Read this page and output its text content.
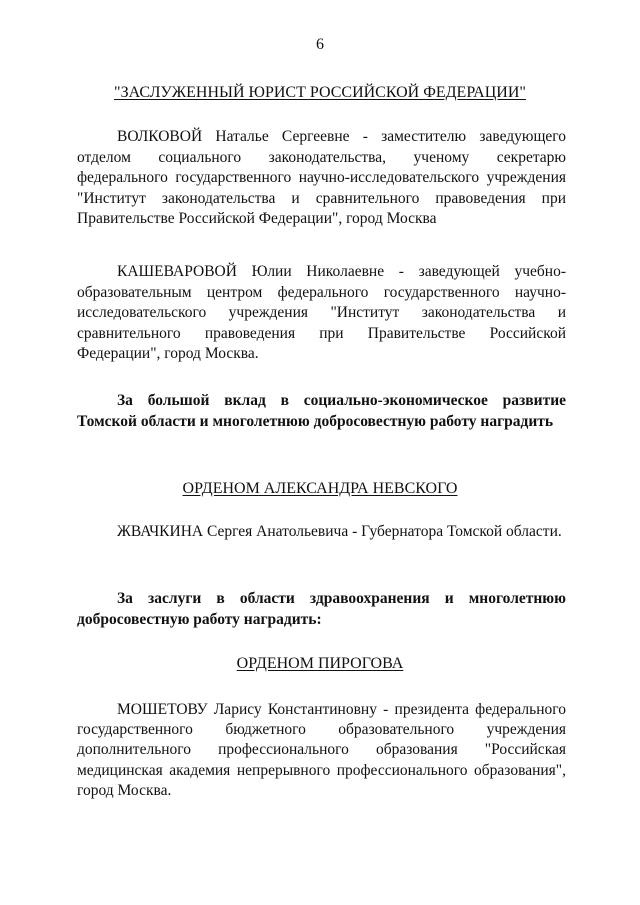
6
"ЗАСЛУЖЕННЫЙ ЮРИСТ РОССИЙСКОЙ ФЕДЕРАЦИИ"

ВОЛКОВОЙ Наталье Сергеевне - заместителю заведующего отделом социального законодательства, ученому секретарю федерального государственного научно-исследовательского учреждения "Институт законодательства и сравнительного правоведения при Правительстве Российской Федерации", город Москва

КАШЕВАРОВОЙ Юлии Николаевне - заведующей учебно-образовательным центром федерального государственного научно-исследовательского учреждения "Институт законодательства и сравнительного правоведения при Правительстве Российской Федерации", город Москва.

За большой вклад в социально-экономическое развитие Томской области и многолетнюю добросовестную работу наградить

ОРДЕНОМ АЛЕКСАНДРА НЕВСКОГО

ЖВАЧКИНА Сергея Анатольевича - Губернатора Томской области.

За заслуги в области здравоохранения и многолетнюю добросовестную работу наградить:

ОРДЕНОМ ПИРОГОВА

МОШЕТОВУ Ларису Константиновну - президента федерального государственного бюджетного образовательного учреждения дополнительного профессионального образования "Российская медицинская академия непрерывного профессионального образования", город Москва.
